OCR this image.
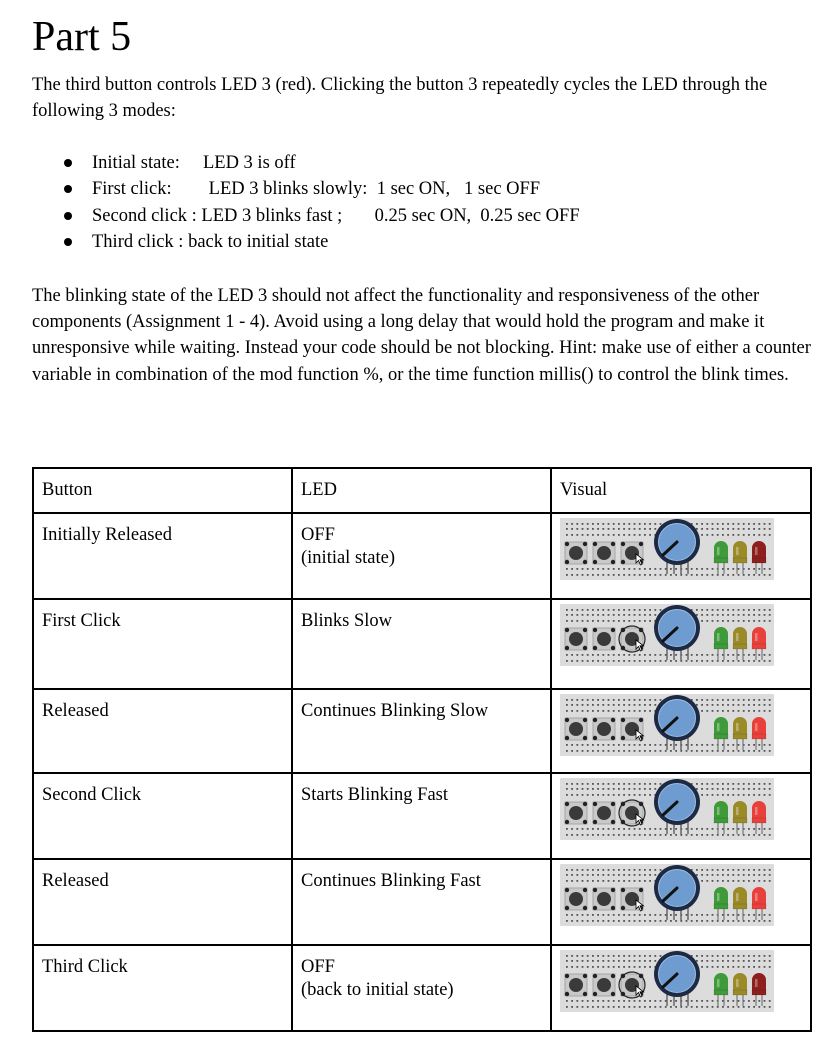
Part 5

The third button controls LED 3 (red). Clicking the button 3 repeatedly cycles the LED through the following 3 modes:

Initial state:     LED 3 is off
First click:        LED 3 blinks slowly:  1 sec ON,   1 sec OFF
Second click : LED 3 blinks fast ;       0.25 sec ON,  0.25 sec OFF
Third click : back to initial state

The blinking state of the LED 3 should not affect the functionality and responsiveness of the other components (Assignment 1 - 4). Avoid using a long delay that would hold the program and make it unresponsive while waiting. Instead your code should be not blocking. Hint: make use of either a counter variable in combination of the mod function %, or the time function millis() to control the blink times.

Button	LED	Visual
Initially Released	OFF
(initial state)	

First Click	Blinks Slow	

Released	Continues Blinking Slow	

Second Click	Starts Blinking Fast	

Released	Continues Blinking Fast	

Third Click	OFF
(back to initial state)	
